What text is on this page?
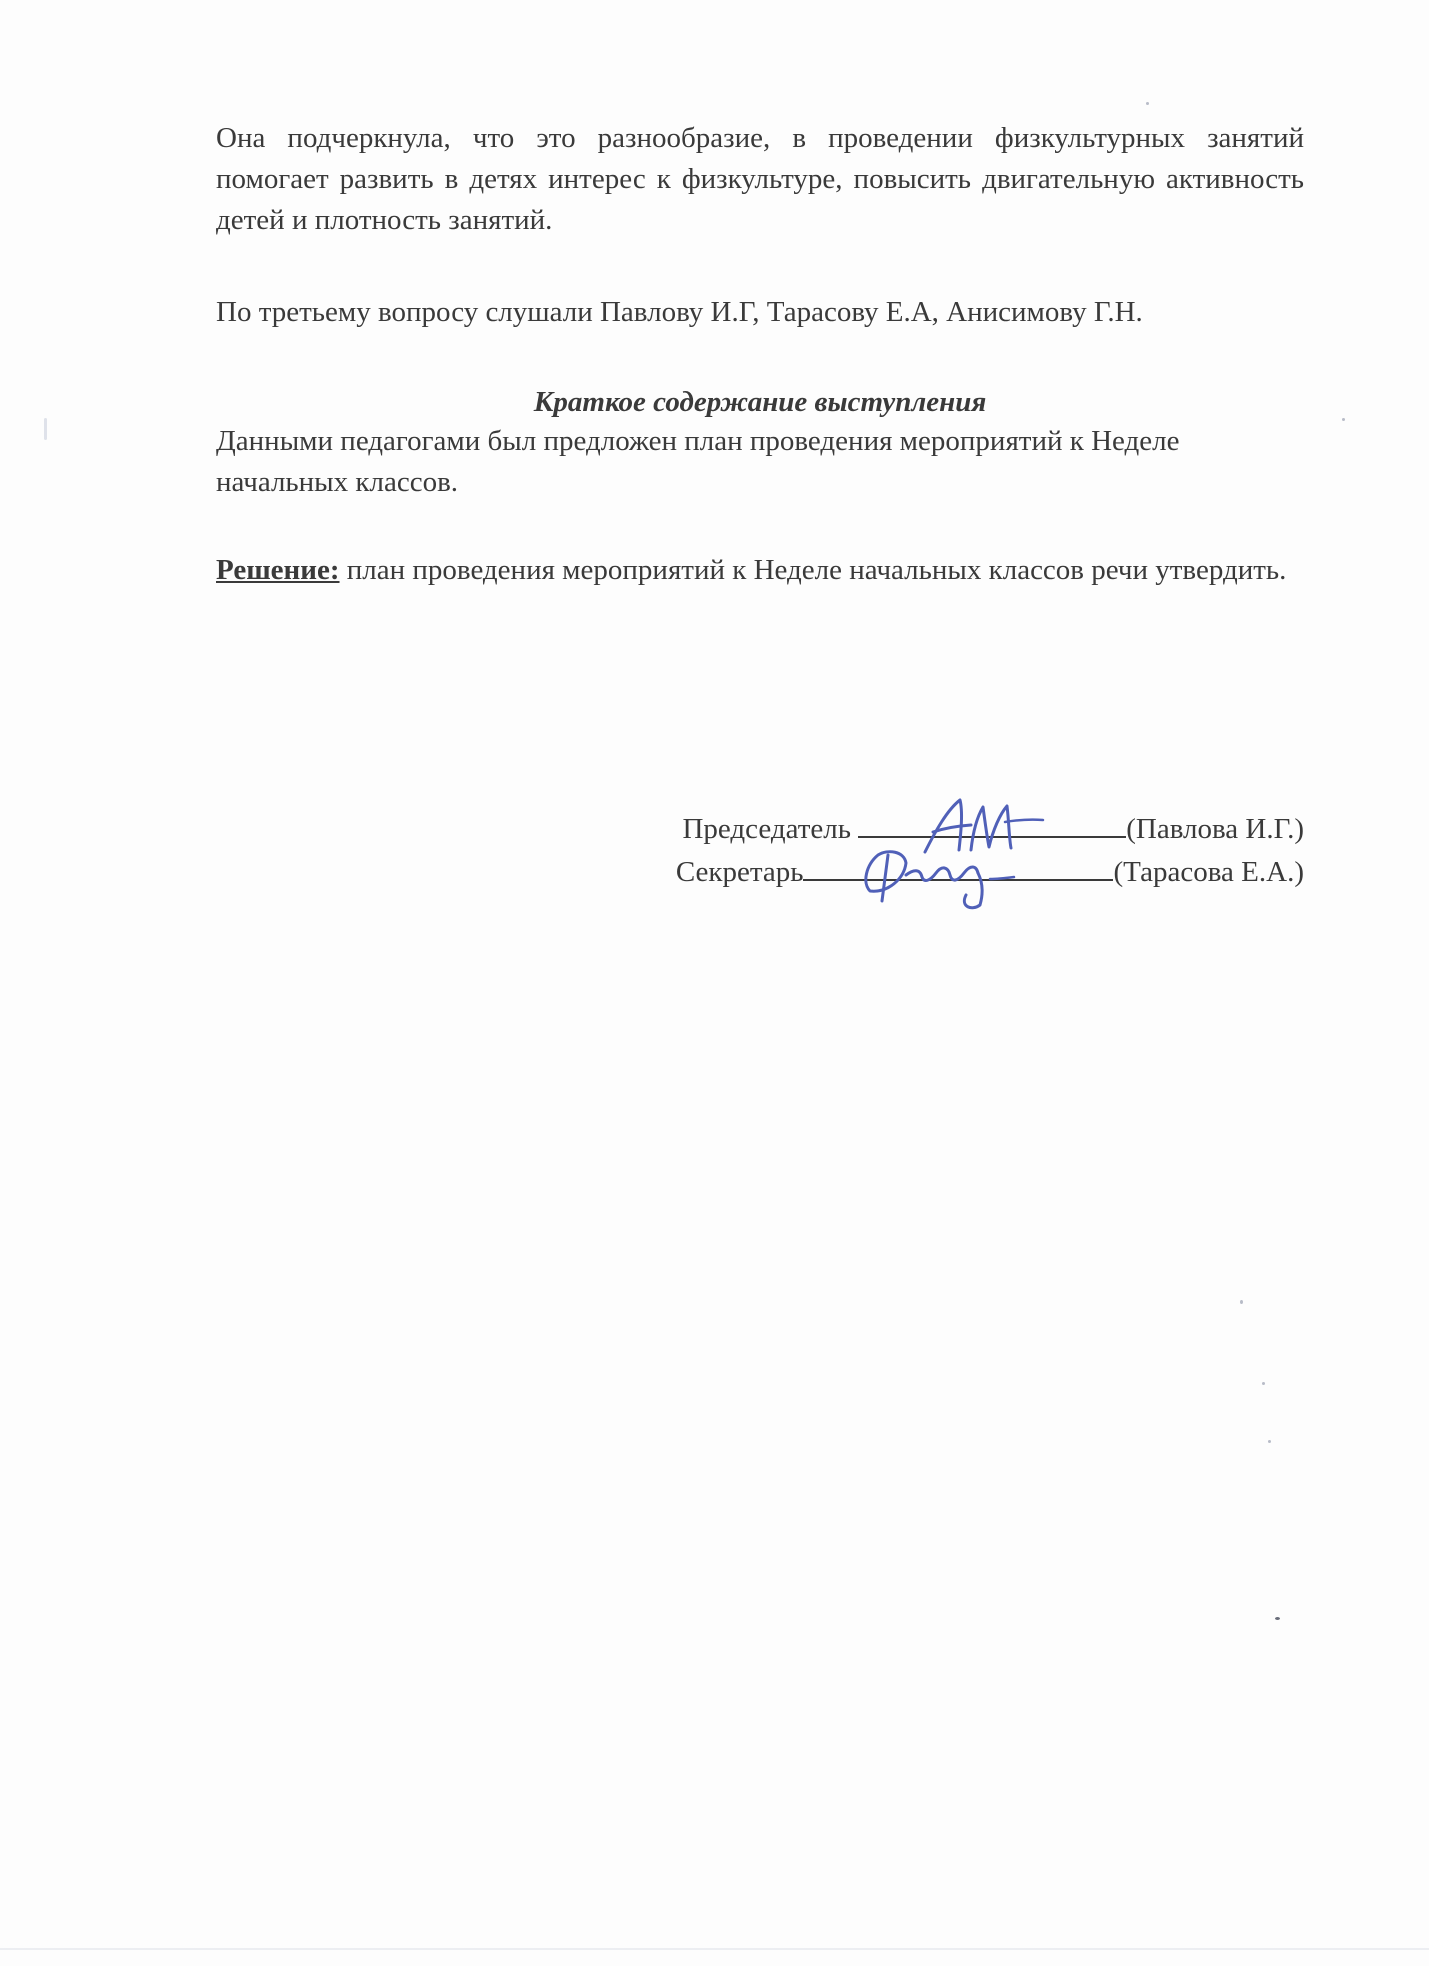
Она подчеркнула, что это разнообразие, в проведении физкультурных занятий помогает развить в детях интерес к физкультуре, повысить двигательную активность детей и плотность занятий.

По третьему вопросу слушали Павлову И.Г, Тарасову Е.А, Анисимову Г.Н.

Краткое содержание выступления

Данными педагогами был предложен план проведения мероприятий к Неделе начальных классов.

Решение: план проведения мероприятий к Неделе начальных классов речи утвердить.

Председатель	(Павлова И.Г.)
Секретарь	(Тарасова Е.А.)
